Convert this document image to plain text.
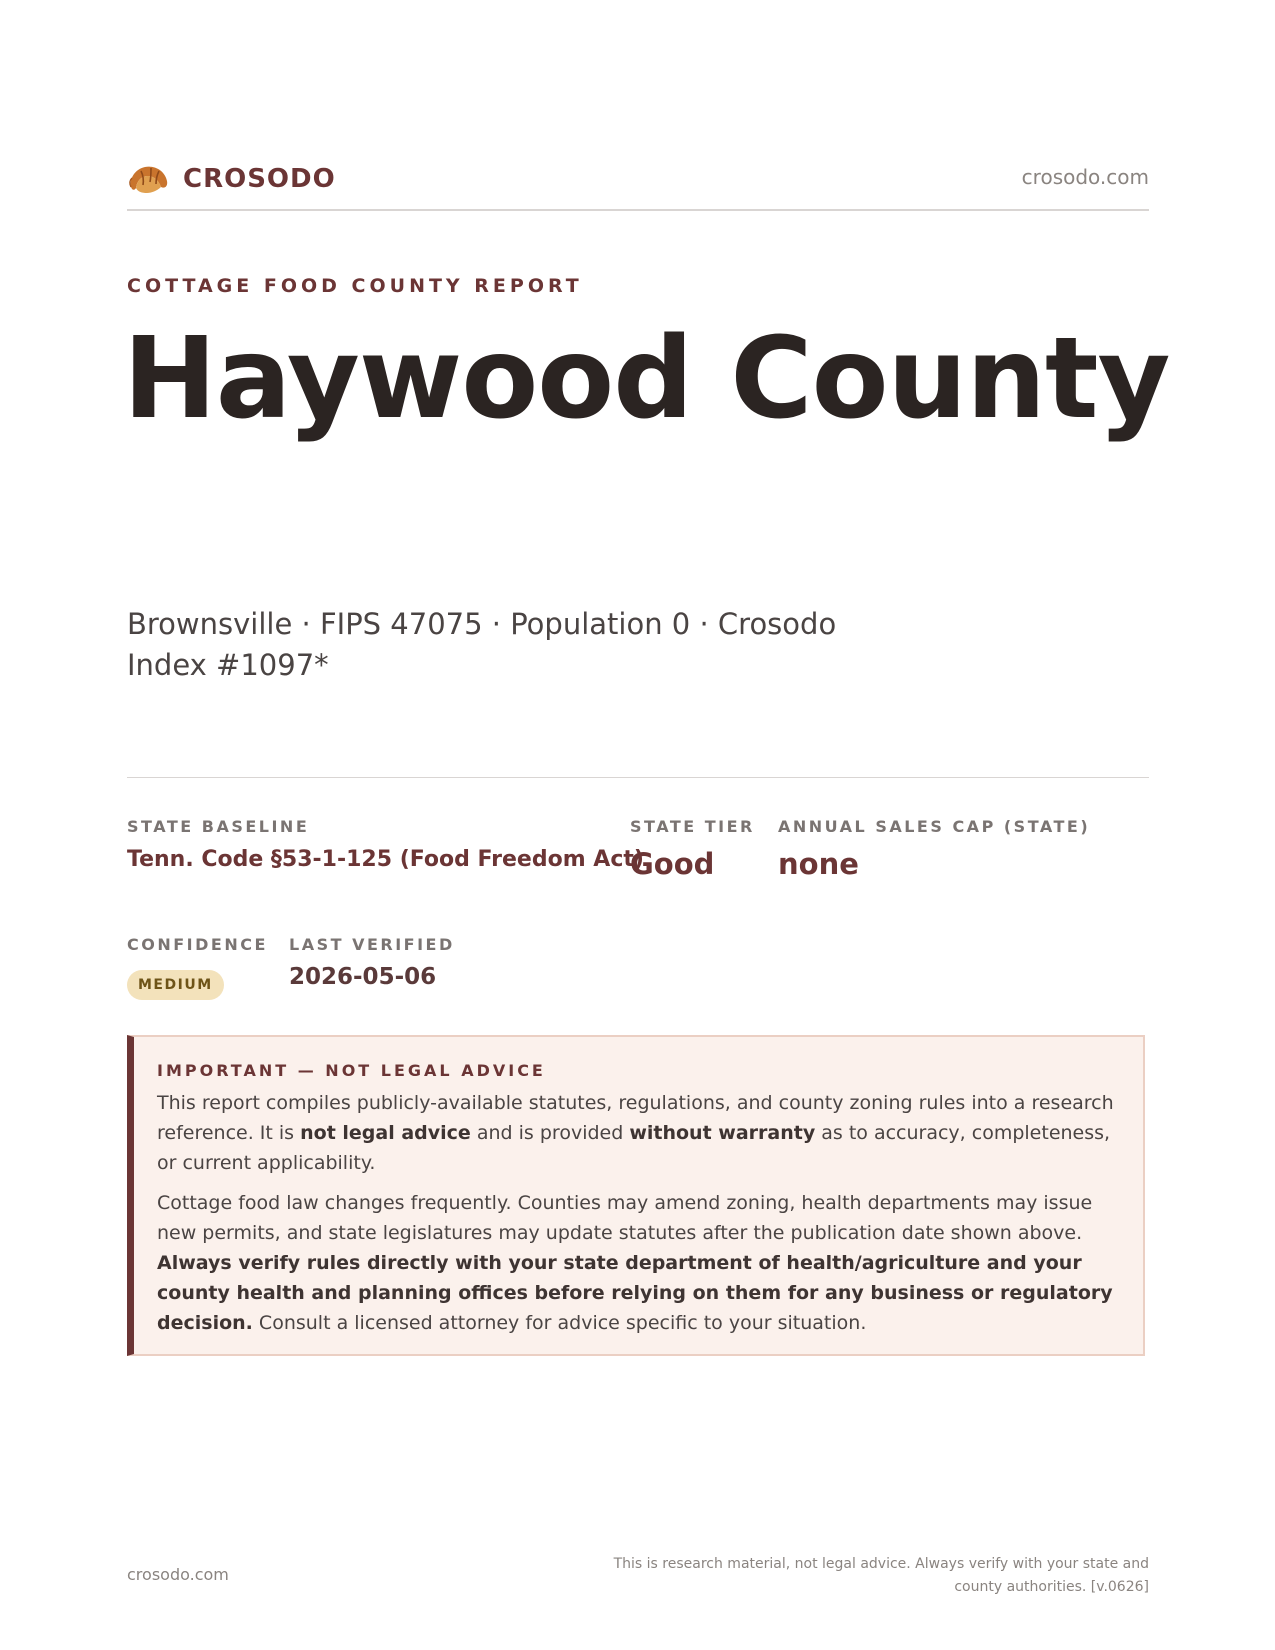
CROSODO	crosodo.com
COTTAGE FOOD COUNTY REPORT
Haywood County
Brownsville · FIPS 47075 · Population 0 · Crosodo Index #1097*
STATE BASELINE
Tenn. Code §53-1-125 (Food Freedom Act)
STATE TIER
Good
ANNUAL SALES CAP (STATE)
none
CONFIDENCE
MEDIUM
LAST VERIFIED
2026-05-06
IMPORTANT — NOT LEGAL ADVICE

This report compiles publicly-available statutes, regulations, and county zoning rules into a research reference. It is not legal advice and is provided without warranty as to accuracy, completeness, or current applicability.

Cottage food law changes frequently. Counties may amend zoning, health departments may issue new permits, and state legislatures may update statutes after the publication date shown above. Always verify rules directly with your state department of health/agriculture and your county health and planning offices before relying on them for any business or regulatory decision. Consult a licensed attorney for advice specific to your situation.

crosodo.com
This is research material, not legal advice. Always verify with your state and county authorities. [v.0626]
